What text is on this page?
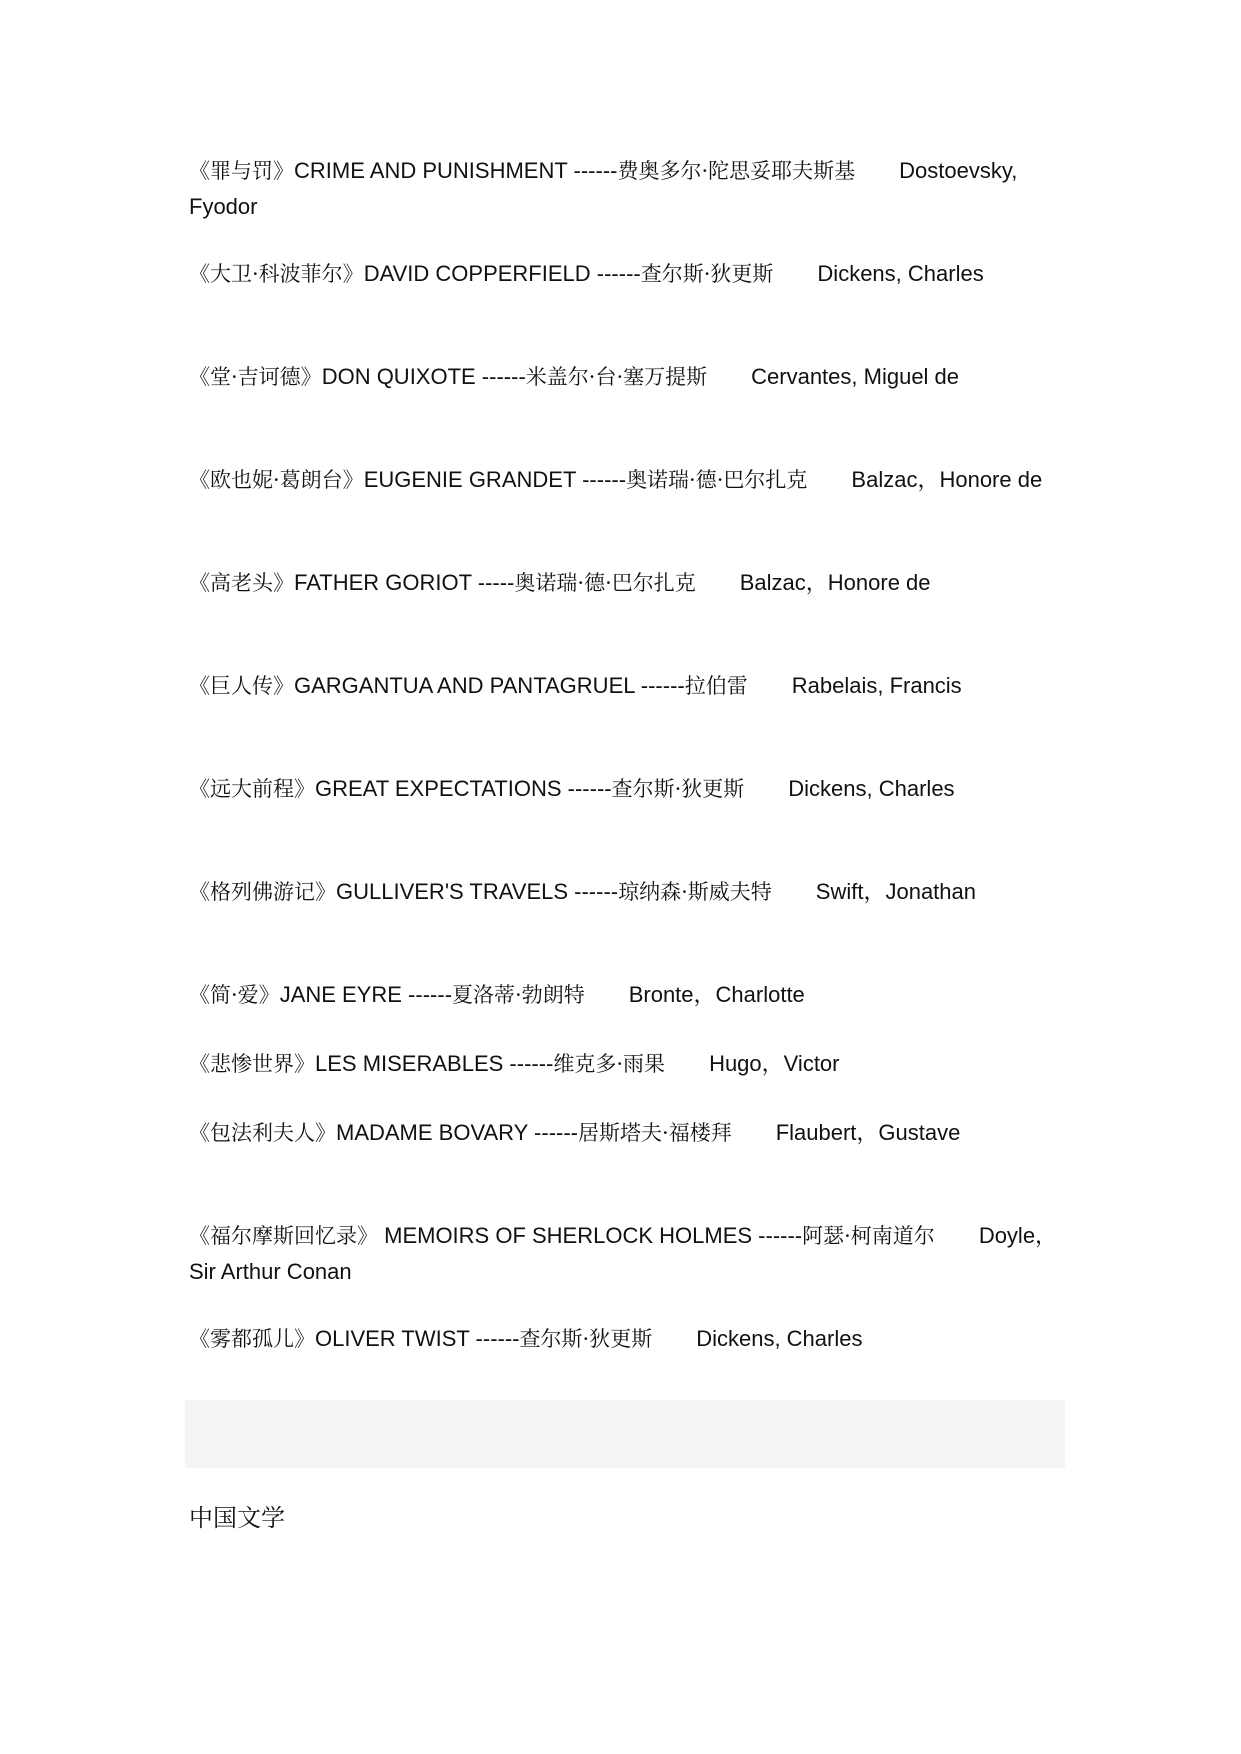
《罪与罚》CRIME AND PUNISHMENT ------费奥多尔·陀思妥耶夫斯基 Dostoevsky, Fyodor
《大卫·科波菲尔》DAVID COPPERFIELD ------查尔斯·狄更斯 Dickens, Charles
《堂·吉诃德》DON QUIXOTE ------米盖尔·台·塞万提斯 Cervantes, Miguel de
《欧也妮·葛朗台》EUGENIE GRANDET ------奥诺瑞·德·巴尔扎克 Balzac，Honore de
《高老头》FATHER GORIOT -----奥诺瑞·德·巴尔扎克 Balzac，Honore de
《巨人传》GARGANTUA AND PANTAGRUEL ------拉伯雷 Rabelais, Francis
《远大前程》GREAT EXPECTATIONS ------查尔斯·狄更斯 Dickens, Charles
《格列佛游记》GULLIVER'S TRAVELS ------琼纳森·斯威夫特 Swift，Jonathan
《简·爱》JANE EYRE ------夏洛蒂·勃朗特 Bronte，Charlotte
《悲惨世界》LES MISERABLES ------维克多·雨果 Hugo，Victor
《包法利夫人》MADAME BOVARY ------居斯塔夫·福楼拜 Flaubert，Gustave
《福尔摩斯回忆录》 MEMOIRS OF SHERLOCK HOLMES ------阿瑟·柯南道尔 Doyle，Sir Arthur Conan
《雾都孤儿》OLIVER TWIST ------查尔斯·狄更斯 Dickens, Charles
中国文学
